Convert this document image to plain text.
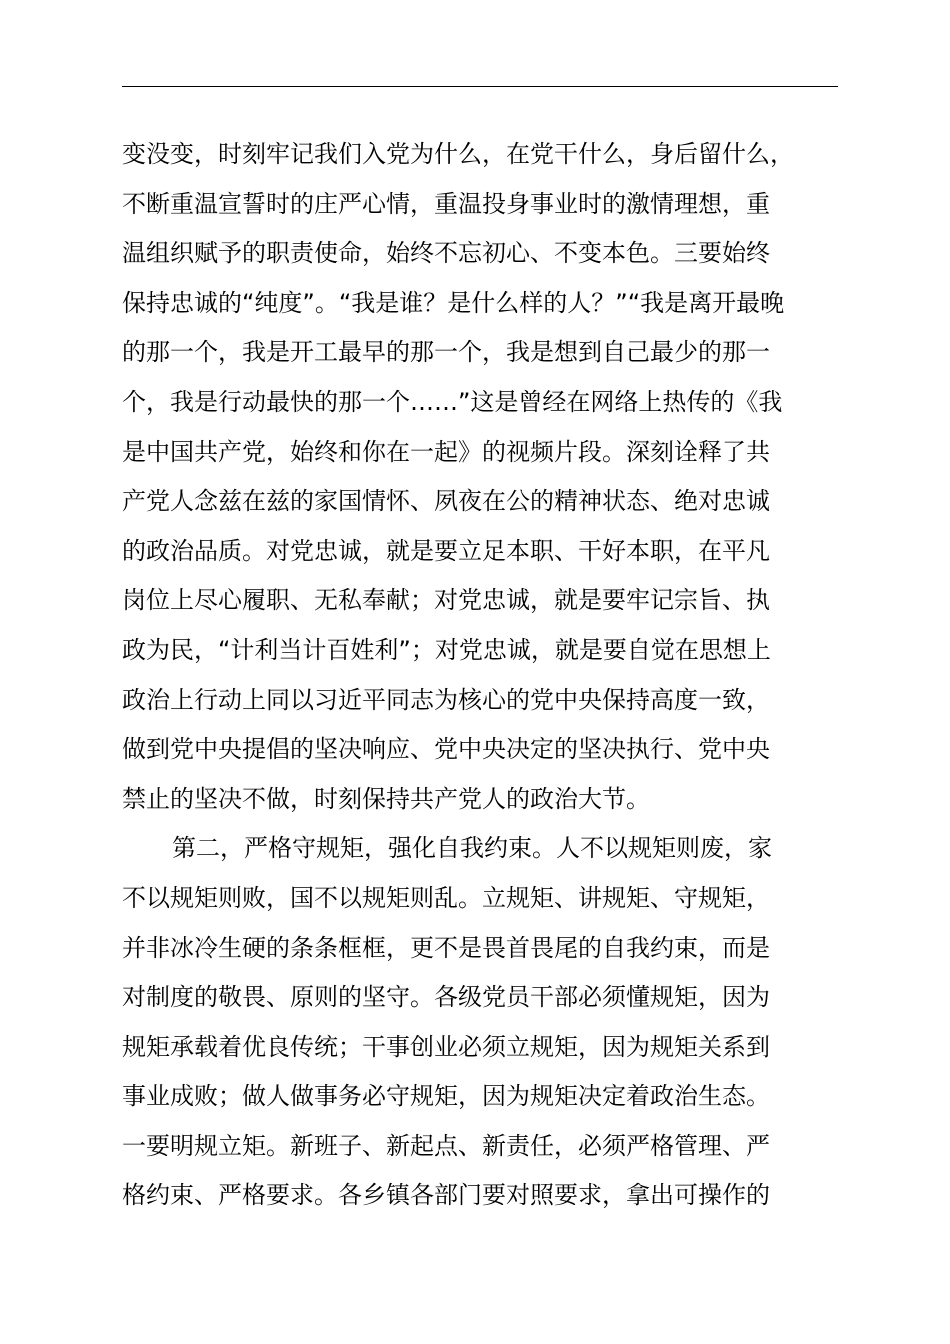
变没变，时刻牢记我们入党为什么，在党干什么，身后留什么，
不断重温宣誓时的庄严心情，重温投身事业时的激情理想，重
温组织赋予的职责使命，始终不忘初心、不变本色。三要始终
保持忠诚的“纯度”。“我是谁？是什么样的人？”“我是离开最晚
的那一个，我是开工最早的那一个，我是想到自己最少的那一
个，我是行动最快的那一个……”这是曾经在网络上热传的《我
是中国共产党，始终和你在一起》的视频片段。深刻诠释了共
产党人念兹在兹的家国情怀、夙夜在公的精神状态、绝对忠诚
的政治品质。对党忠诚，就是要立足本职、干好本职，在平凡
岗位上尽心履职、无私奉献；对党忠诚，就是要牢记宗旨、执
政为民，“计利当计百姓利”；对党忠诚，就是要自觉在思想上
政治上行动上同以习近平同志为核心的党中央保持高度一致，
做到党中央提倡的坚决响应、党中央决定的坚决执行、党中央
禁止的坚决不做，时刻保持共产党人的政治大节。
第二，严格守规矩，强化自我约束。人不以规矩则废，家
不以规矩则败，国不以规矩则乱。立规矩、讲规矩、守规矩，
并非冰冷生硬的条条框框，更不是畏首畏尾的自我约束，而是
对制度的敬畏、原则的坚守。各级党员干部必须懂规矩，因为
规矩承载着优良传统；干事创业必须立规矩，因为规矩关系到
事业成败；做人做事务必守规矩，因为规矩决定着政治生态。
一要明规立矩。新班子、新起点、新责任，必须严格管理、严
格约束、严格要求。各乡镇各部门要对照要求，拿出可操作的
